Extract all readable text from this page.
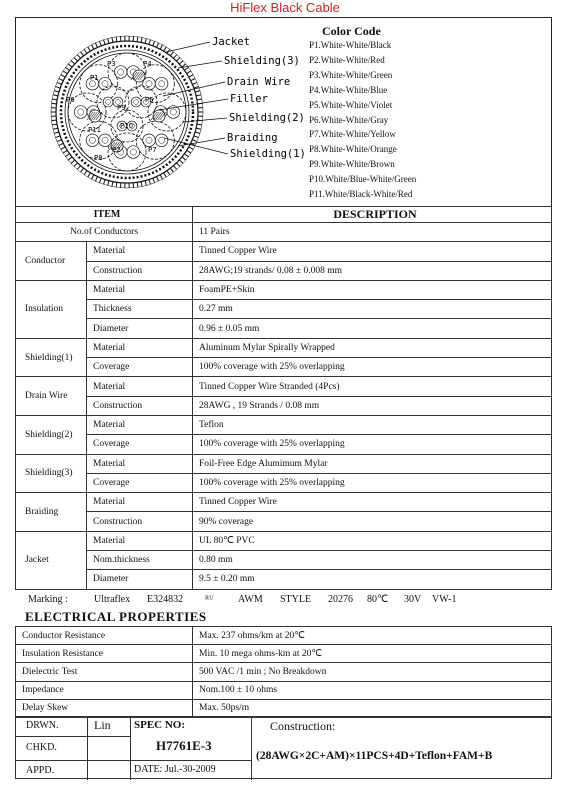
HiFlex Black Cable
Jacket
Shielding(3)
Drain Wire
Filler
Shielding(2)
Braiding
Shielding(1)
P1
P2
P3	P4
P5
P6
P7
P8
P9
P10
P11
Color Code
P1.White-White/Black
P2.White-White/Red
P3.White-White/Green
P4.White-White/Blue
P5.White-White/Violet
P6.White-White/Gray
P7.White-White/Yellow
P8.White-White/Orange
P9.White-White/Brown
P10.White/Blue-White/Green
P11.White/Black-White/Red
ITEM		DESCRIPTION
No.of Conductors		11 Pairs
Conductor	Material	Tinned Copper Wire
	Construction	28AWG;19 strands/ 0.08 ± 0.008 mm
Insulation	Material	FoamPE+Skin
	Thickness	0.27 mm
	Diameter	0.96 ± 0.05 mm
Shielding(1)	Material	Aluminum Mylar Spirally Wrapped
	Coverage	100% coverage with 25% overlapping
Drain Wire	Material	Tinned Copper Wire Stranded (4Pcs)
	Construction	28AWG , 19 Strands / 0.08 mm
Shielding(2)	Material	Teflon
	Coverage	100% coverage with 25% overlapping
Shielding(3)	Material	Foil-Free Edge Alumimum Mylar
	Coverage	100% coverage with 25% overlapping
Braiding	Material	Tinned Copper Wire
	Construction	90% coverage
Jacket	Material	UL 80℃ PVC
	Nom.thickness	0.80 mm
	Diameter	9.5 ± 0.20 mm
Marking :	Ultraflex E324832 ᴿᵁ AWM STYLE 20276 80℃ 30V VW-1
ELECTRICAL PROPERTIES
Conductor Resistance	Max. 237 ohms/km at 20℃
Insulation Resistance	Min. 10 mega ohms-km at 20℃
Dielectric Test	500 VAC /1 min ; No Breakdown
Impedance	Nom.100 ± 10 ohms
Delay Skew	Max. 50ps/m
DRWN.	Lin
CHKD.
APPD.
SPEC NO:
H7761E-3
DATE: Jul.-30-2009
Construction:
(28AWG×2C+AM)×11PCS+4D+Teflon+FAM+B
